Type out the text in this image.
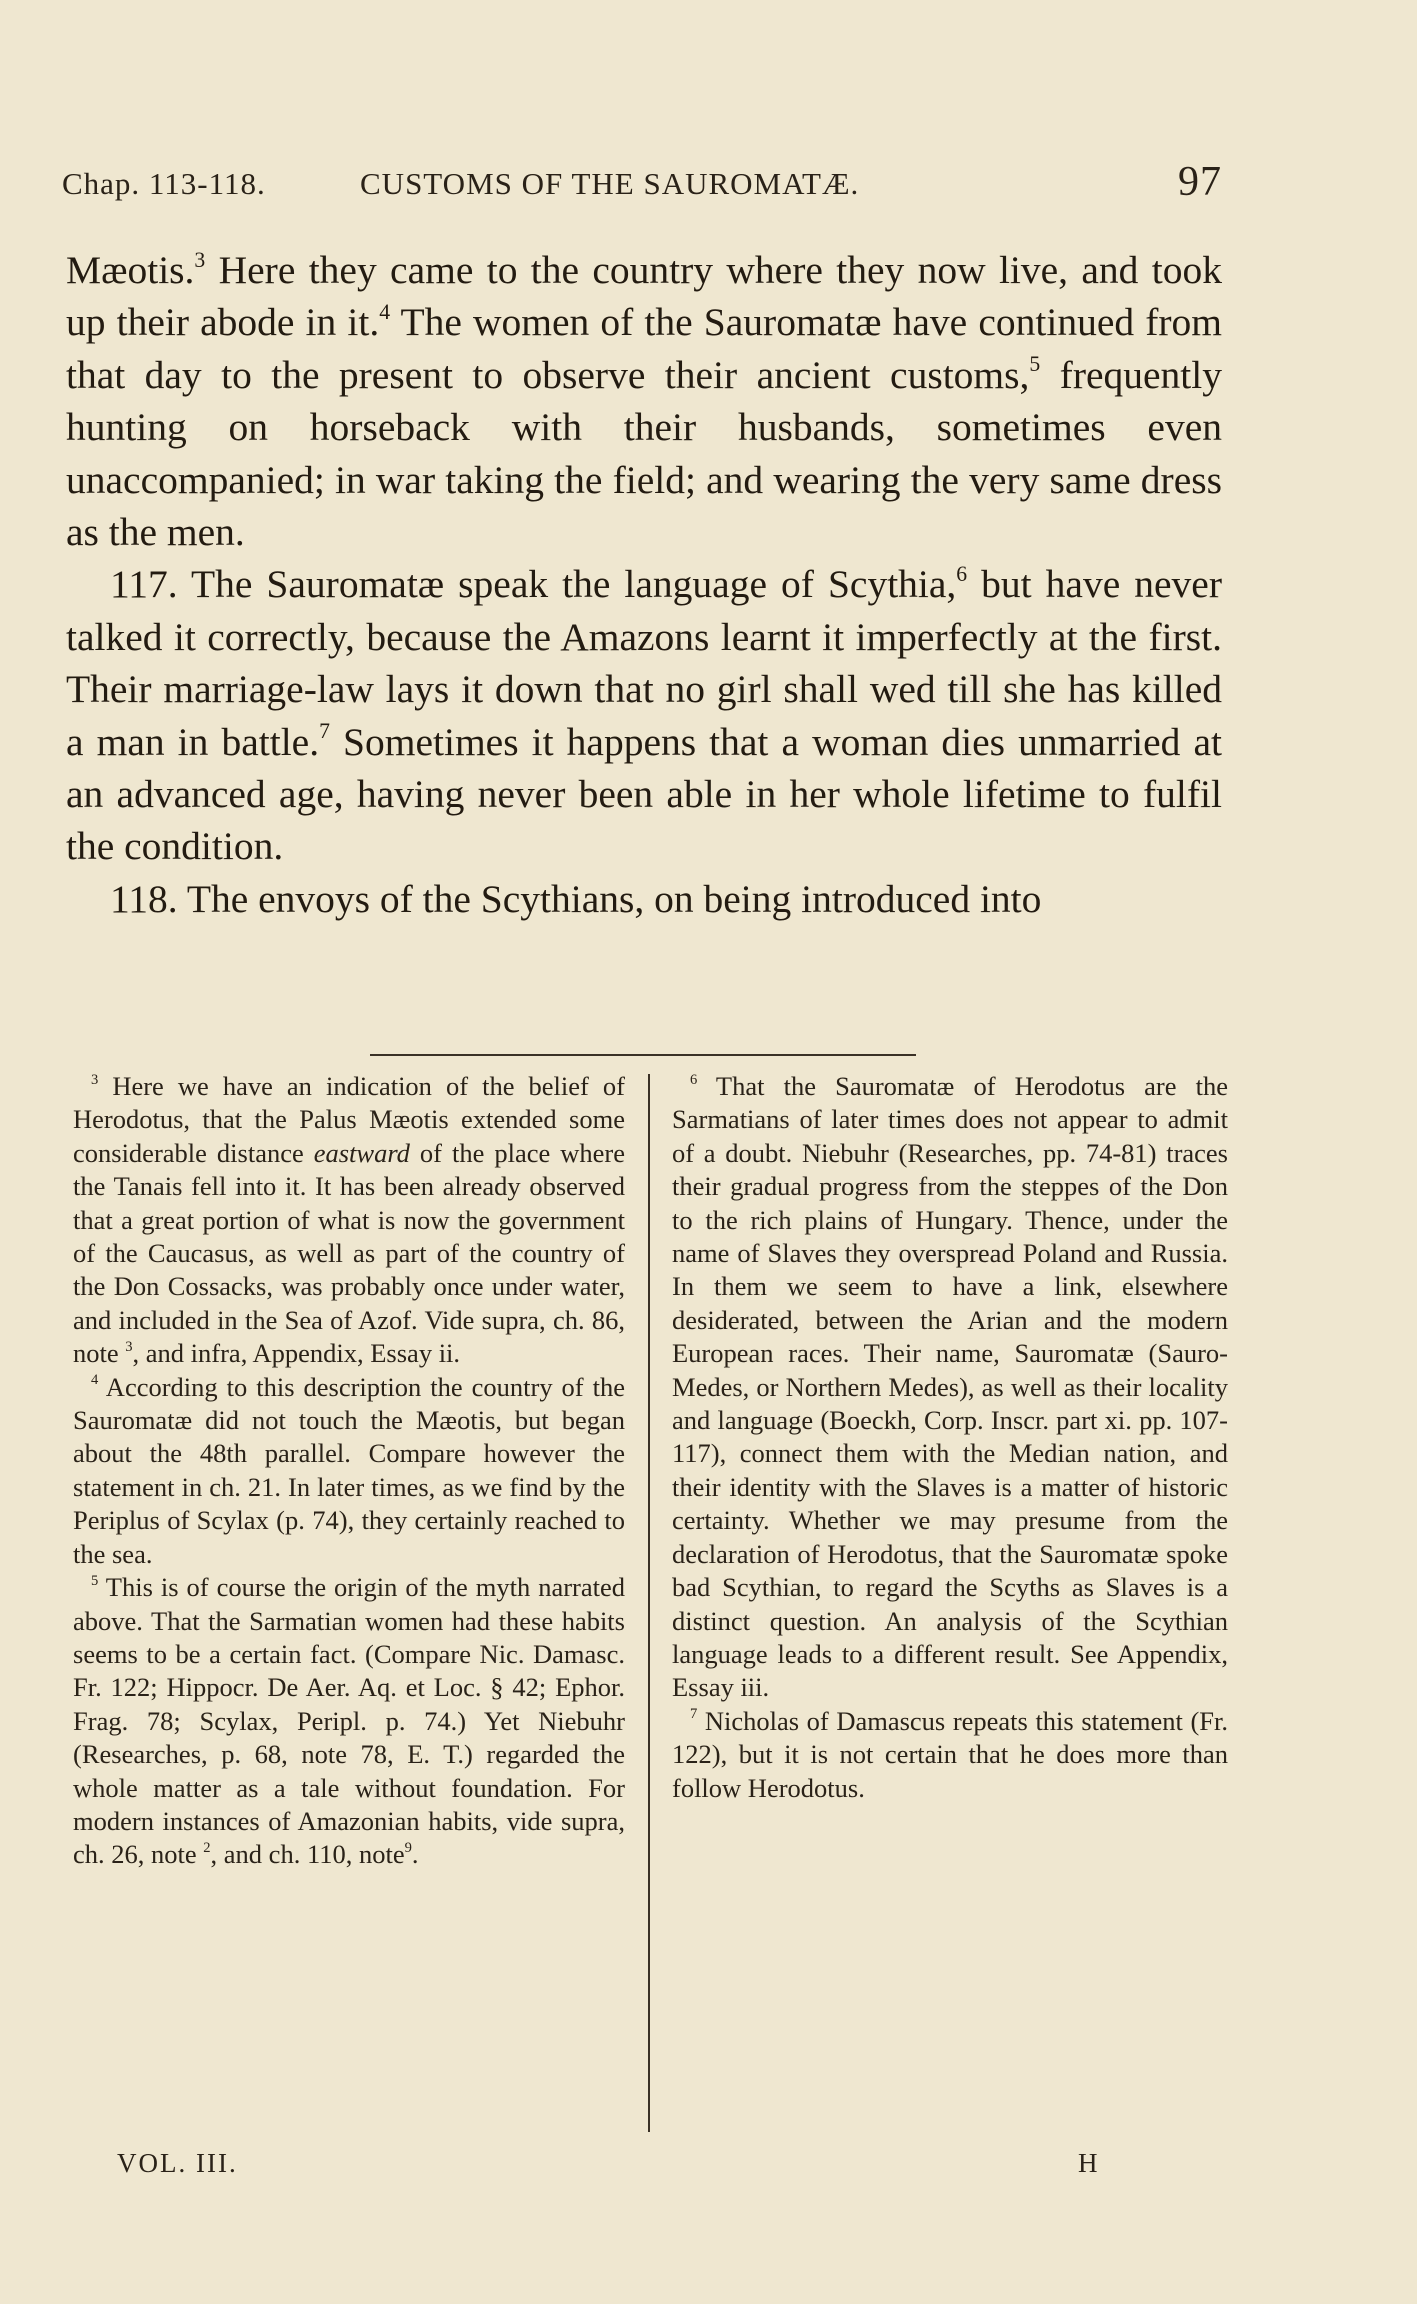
Chap. 113-118.	CUSTOMS OF THE SAUROMATÆ.	97

Mæotis.$^3$ Here they came to the country where they now live, and took up their abode in it.$^4$ The women of the Sauromatæ have continued from that day to the present to observe their ancient customs,$^5$ frequently hunting on horseback with their husbands, sometimes even unaccompanied; in war taking the field; and wearing the very same dress as the men.

117. The Sauromatæ speak the language of Scythia,$^6$ but have never talked it correctly, because the Amazons learnt it imperfectly at the first. Their marriage-law lays it down that no girl shall wed till she has killed a man in battle.$^7$ Sometimes it happens that a woman dies unmarried at an advanced age, having never been able in her whole lifetime to fulfil the condition.

118. The envoys of the Scythians, on being introduced into

$^3$ Here we have an indication of the belief of Herodotus, that the Palus Mæotis extended some considerable distance eastward of the place where the Tanais fell into it. It has been already observed that a great portion of what is now the government of the Caucasus, as well as part of the country of the Don Cossacks, was probably once under water, and included in the Sea of Azof. Vide supra, ch. 86, note $^3$, and infra, Appendix, Essay ii.

$^4$ According to this description the country of the Sauromatæ did not touch the Mæotis, but began about the 48th parallel. Compare however the statement in ch. 21. In later times, as we find by the Periplus of Scylax (p. 74), they certainly reached to the sea.

$^5$ This is of course the origin of the myth narrated above. That the Sarmatian women had these habits seems to be a certain fact. (Compare Nic. Damasc. Fr. 122; Hippocr. De Aer. Aq. et Loc. § 42; Ephor. Frag. 78; Scylax, Peripl. p. 74.) Yet Niebuhr (Researches, p. 68, note 78, E. T.) regarded the whole matter as a tale without foundation. For modern instances of Amazonian habits, vide supra, ch. 26, note $^2$, and ch. 110, note$^9$.

$^6$ That the Sauromatæ of Herodotus are the Sarmatians of later times does not appear to admit of a doubt. Niebuhr (Researches, pp. 74-81) traces their gradual progress from the steppes of the Don to the rich plains of Hungary. Thence, under the name of Slaves they overspread Poland and Russia. In them we seem to have a link, elsewhere desiderated, between the Arian and the modern European races. Their name, Sauromatæ (Sauro-Medes, or Northern Medes), as well as their locality and language (Boeckh, Corp. Inscr. part xi. pp. 107-117), connect them with the Median nation, and their identity with the Slaves is a matter of historic certainty. Whether we may presume from the declaration of Herodotus, that the Sauromatæ spoke bad Scythian, to regard the Scyths as Slaves is a distinct question. An analysis of the Scythian language leads to a different result. See Appendix, Essay iii.

$^7$ Nicholas of Damascus repeats this statement (Fr. 122), but it is not certain that he does more than follow Herodotus.

VOL. III.	H
